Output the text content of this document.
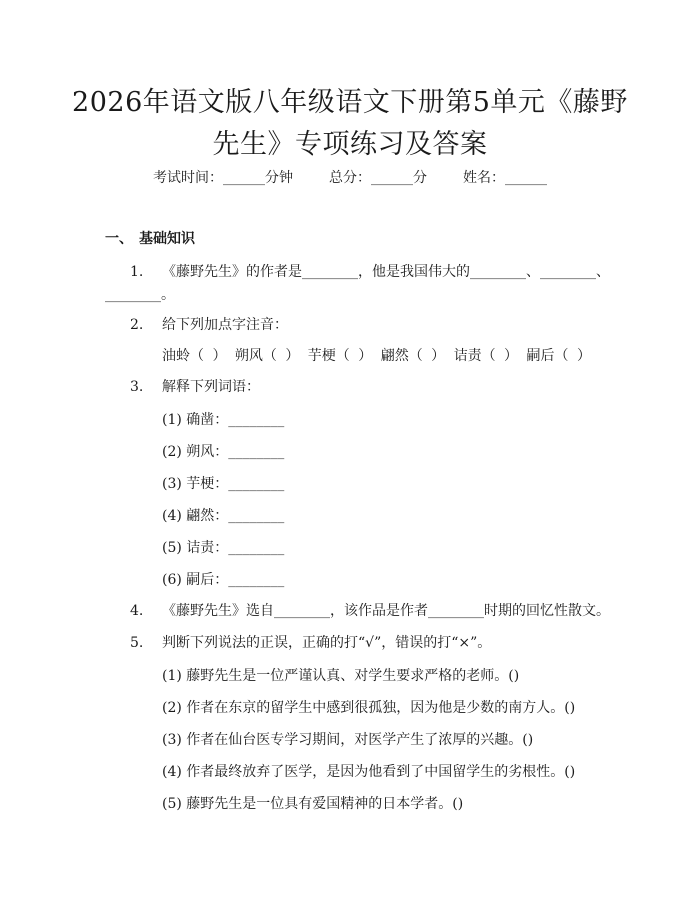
2026年语文版八年级语文下册第5单元《藤野先生》专项练习及答案
考试时间：______分钟	总分：______分	姓名：______
一、 基础知识
1.	《藤野先生》的作者是________，他是我国伟大的________、________、
________。
2.	给下列加点字注音：
油蛉（ ） 朔风（ ） 芋梗（ ） 翩然（ ） 诘责（ ） 嗣后（ ）
3.	解释下列词语：
(1) 确凿：________
(2) 朔风：________
(3) 芋梗：________
(4) 翩然：________
(5) 诘责：________
(6) 嗣后：________
4.	《藤野先生》选自________，该作品是作者________时期的回忆性散文。
5.	判断下列说法的正误，正确的打“√”，错误的打“×”。
(1) 藤野先生是一位严谨认真、对学生要求严格的老师。()
(2) 作者在东京的留学生中感到很孤独，因为他是少数的南方人。()
(3) 作者在仙台医专学习期间，对医学产生了浓厚的兴趣。()
(4) 作者最终放弃了医学，是因为他看到了中国留学生的劣根性。()
(5) 藤野先生是一位具有爱国精神的日本学者。()
